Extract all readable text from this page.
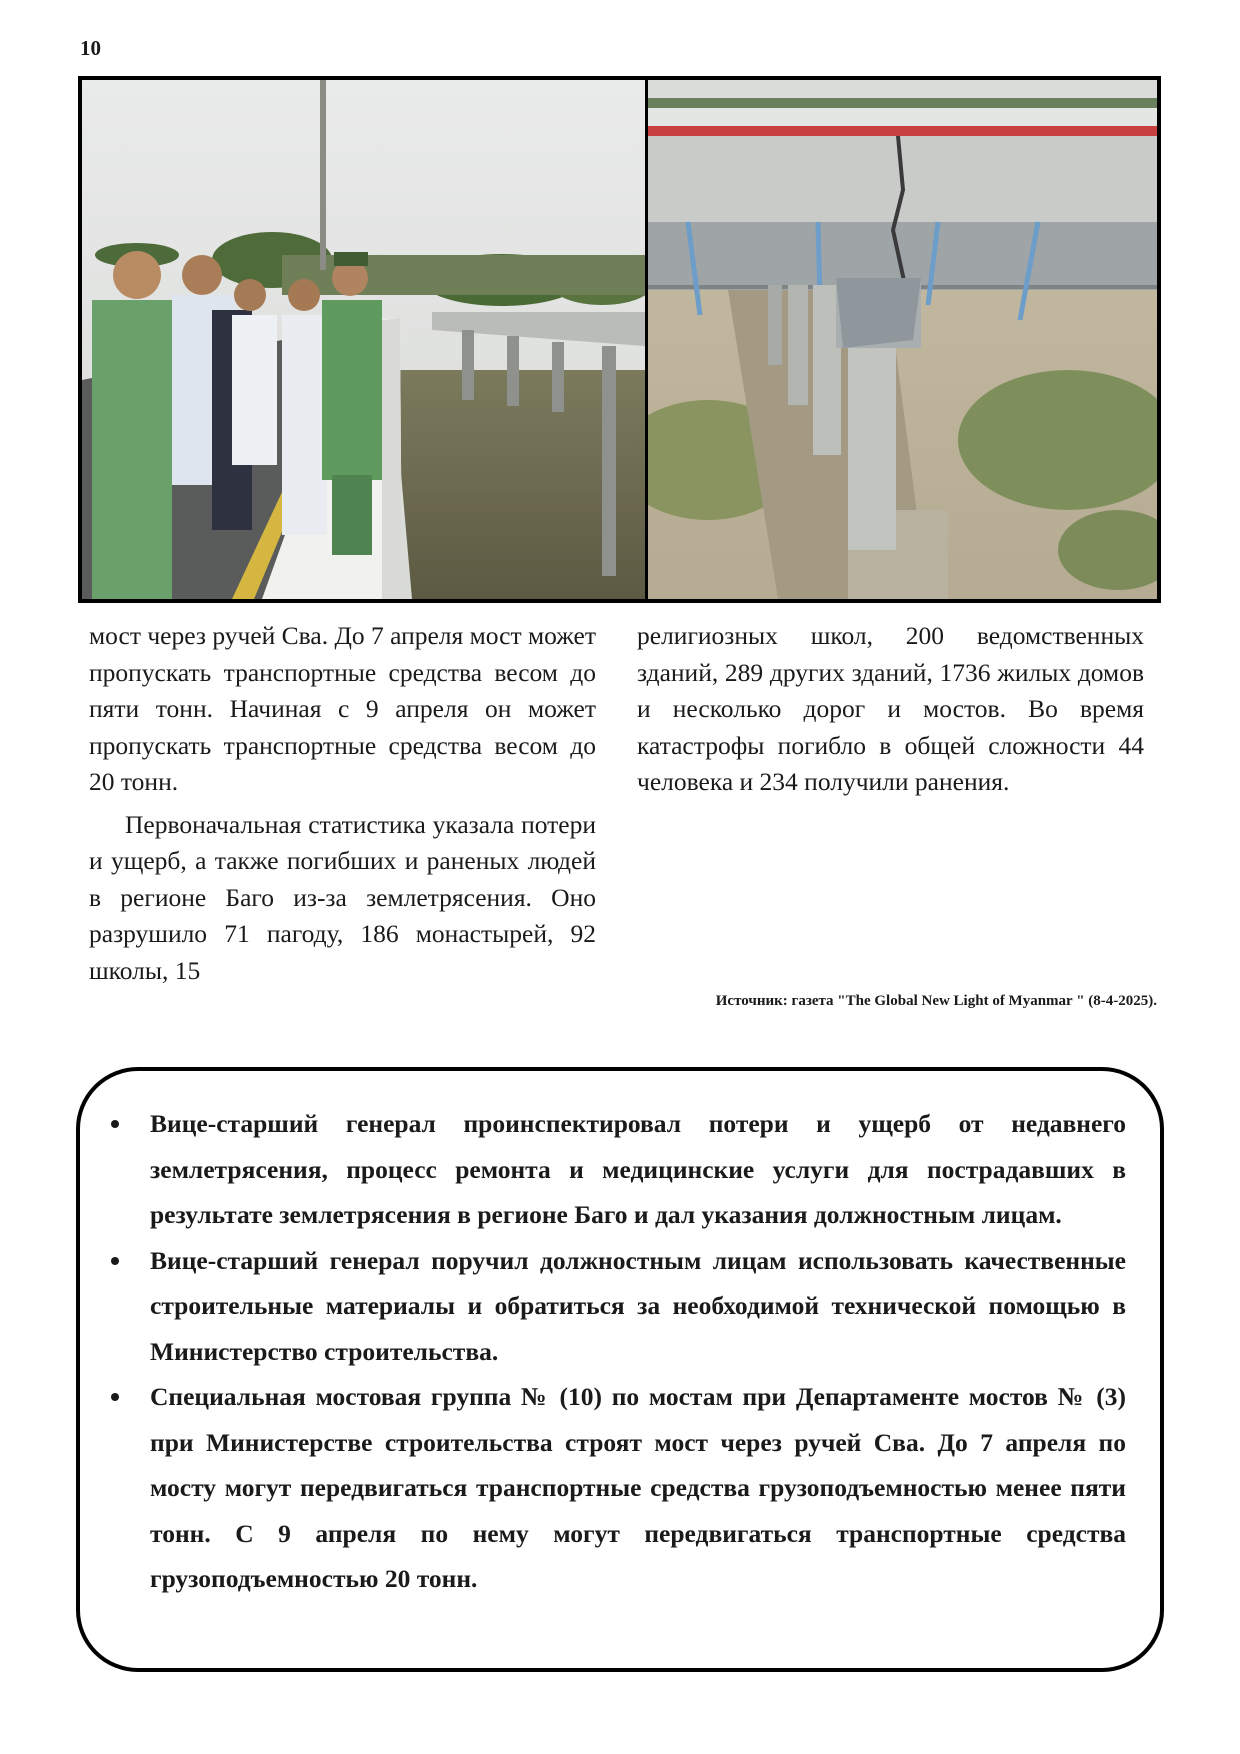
10

мост через ручей Сва. До 7 апреля мост может пропускать транспортные средства весом до пяти тонн. Начиная с 9 апреля он может пропускать транспортные средства весом до 20 тонн.

Первоначальная статистика указала потери и ущерб, а также погибших и раненых людей в регионе Баго из-за землетрясения. Оно разрушило 71 пагоду, 186 монастырей, 92 школы, 15

религиозных школ, 200 ведомственных зданий, 289 других зданий, 1736 жилых домов и несколько дорог и мостов. Во время катастрофы погибло в общей сложности 44 человека и 234 получили ранения.

Источник: газета "The Global New Light of Myanmar " (8-4-2025).
Вице-старший генерал проинспектировал потери и ущерб от недавнего землетрясения, процесс ремонта и медицинские услуги для пострадавших в результате землетрясения в регионе Баго и дал указания должностным лицам.
Вице-старший генерал поручил должностным лицам использовать качественные строительные материалы и обратиться за необходимой технической помощью в Министерство строительства.
Специальная мостовая группа № (10) по мостам при Департаменте мостов № (3) при Министерстве строительства строят мост через ручей Сва. До 7 апреля по мосту могут передвигаться транспортные средства грузоподъемностью менее пяти тонн. С 9 апреля по нему могут передвигаться транспортные средства грузоподъемностью 20 тонн.
